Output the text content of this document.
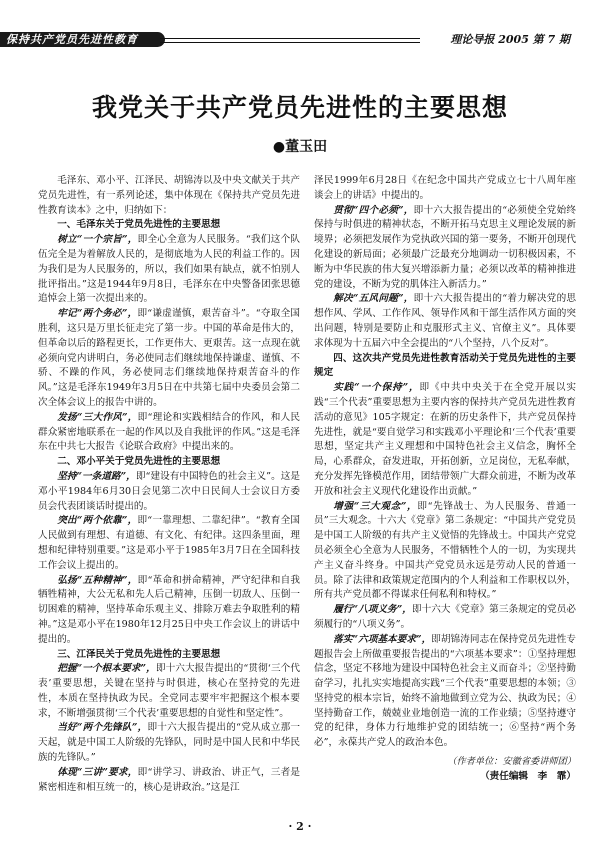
保持共产党员先进性教育	理论导报 2005 第 7 期
我党关于共产党员先进性的主要思想
●董玉田

毛泽东、邓小平、江泽民、胡锦涛以及中央文献关于共产党员先进性，有一系列论述，集中体现在《保持共产党员先进性教育读本》之中，归纳如下：

一、毛泽东关于党员先进性的主要思想

树立“一个宗旨”，即全心全意为人民服务。“我们这个队伍完全是为着解放人民的，是彻底地为人民的利益工作的。因为我们是为人民服务的，所以，我们如果有缺点，就不怕别人批评指出。”这是1944年9月8日，毛泽东在中央警备团张思德追悼会上第一次提出来的。

牢记“两个务必”，即“谦虚谨慎，艰苦奋斗”。“夺取全国胜利，这只是万里长征走完了第一步。中国的革命是伟大的，但革命以后的路程更长，工作更伟大、更艰苦。这一点现在就必须向党内讲明白，务必使同志们继续地保持谦虚、谨慎、不骄、不躁的作风，务必使同志们继续地保持艰苦奋斗的作风。”这是毛泽东1949年3月5日在中共第七届中央委员会第二次全体会议上的报告中讲的。

发扬“三大作风”，即“理论和实践相结合的作风，和人民群众紧密地联系在一起的作风以及自我批评的作风。”这是毛泽东在中共七大报告《论联合政府》中提出来的。

二、邓小平关于党员先进性的主要思想

坚持“一条道路”，即“建设有中国特色的社会主义”。这是邓小平1984年6月30日会见第二次中日民间人士会议日方委员会代表团谈话时提出的。

突出“两个依靠”，即“一靠理想、二靠纪律”。“教育全国人民做到有理想、有道德、有文化、有纪律。这四条里面，理想和纪律特别重要。”这是邓小平于1985年3月7日在全国科技工作会议上提出的。

弘扬“五种精神”，即“革命和拼命精神，严守纪律和自我牺牲精神，大公无私和先人后己精神，压倒一切敌人、压倒一切困难的精神，坚持革命乐观主义、排除万难去争取胜利的精神。”这是邓小平在1980年12月25日中央工作会议上的讲话中提出的。

三、江泽民关于党员先进性的主要思想

把握“一个根本要求”，即十六大报告提出的“贯彻‘三个代表’重要思想，关键在坚持与时俱进，核心在坚持党的先进性，本质在坚持执政为民。全党同志要牢牢把握这个根本要求，不断增强贯彻‘三个代表’重要思想的自觉性和坚定性”。

当好“两个先锋队”，即十六大报告提出的“党从成立那一天起，就是中国工人阶级的先锋队，同时是中国人民和中华民族的先锋队。”

体现“三讲”要求，即“讲学习、讲政治、讲正气，三者是紧密相连和相互统一的，核心是讲政治。”这是江

泽民1999年6月28日《在纪念中国共产党成立七十八周年座谈会上的讲话》中提出的。

贯彻“四个必须”，即十六大报告提出的“必须使全党始终保持与时俱进的精神状态，不断开拓马克思主义理论发展的新境界；必须把发展作为党执政兴国的第一要务，不断开创现代化建设的新局面；必须最广泛最充分地调动一切积极因素，不断为中华民族的伟大复兴增添新力量；必须以改革的精神推进党的建设，不断为党的肌体注入新活力。”

解决“五风问题”，即十六大报告提出的“着力解决党的思想作风、学风、工作作风、领导作风和干部生活作风方面的突出问题，特别是要防止和克服形式主义、官僚主义”。具体要求体现为十五届六中全会提出的“八个坚持，八个反对”。

四、这次共产党员先进性教育活动关于党员先进性的主要规定

实践“一个保持”，即《中共中央关于在全党开展以实践“三个代表”重要思想为主要内容的保持共产党员先进性教育活动的意见》105字规定：在新的历史条件下，共产党员保持先进性，就是“要自觉学习和实践邓小平理论和‘三个代表’重要思想，坚定共产主义理想和中国特色社会主义信念，胸怀全局，心系群众，奋发进取，开拓创新，立足岗位，无私奉献，充分发挥先锋模范作用，团结带领广大群众前进，不断为改革开放和社会主义现代化建设作出贡献。”

增强“三大观念”，即“先锋战士、为人民服务、普通一员”三大观念。十六大《党章》第二条规定：“中国共产党党员是中国工人阶级的有共产主义觉悟的先锋战士。中国共产党党员必须全心全意为人民服务，不惜牺牲个人的一切，为实现共产主义奋斗终身。中国共产党党员永远是劳动人民的普通一员。除了法律和政策规定范围内的个人利益和工作职权以外，所有共产党员都不得谋求任何私利和特权。”

履行“八项义务”，即十六大《党章》第三条规定的党员必须履行的“八项义务”。

落实“六项基本要求”，即胡锦涛同志在保持党员先进性专题报告会上所做重要报告提出的“六项基本要求”：①坚持理想信念，坚定不移地为建设中国特色社会主义而奋斗；②坚持勤奋学习，扎扎实实地提高实践“三个代表”重要思想的本领；③坚持党的根本宗旨，始终不渝地做到立党为公、执政为民；④坚持勤奋工作，兢兢业业地创造一流的工作业绩；⑤坚持遵守党的纪律，身体力行地维护党的团结统一；⑥坚持“两个务必”，永葆共产党人的政治本色。

（作者单位：安徽省委讲师团）
（责任编辑　李　霏）
· 2 ·
